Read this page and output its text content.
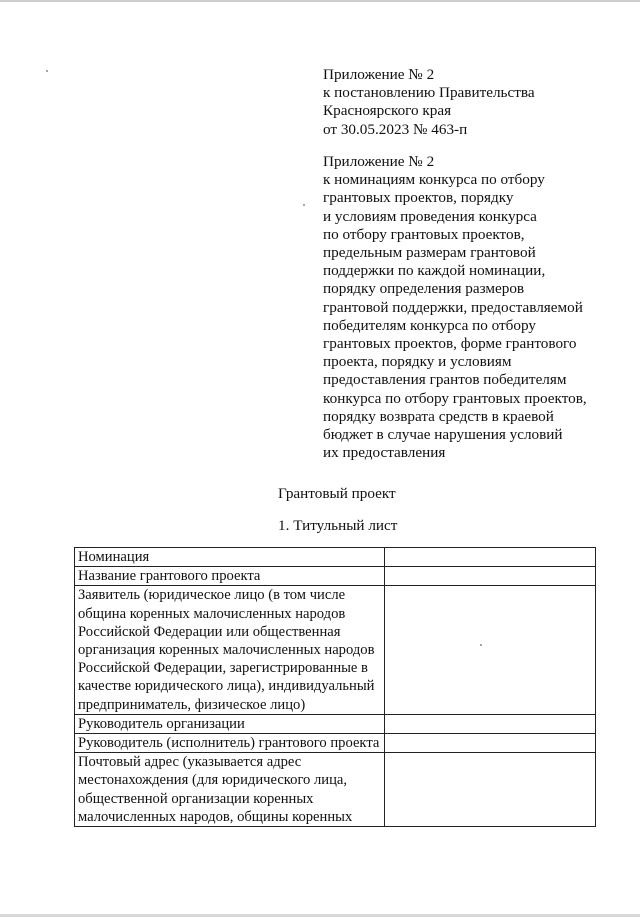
Приложение № 2
к постановлению Правительства
Красноярского края
от 30.05.2023 № 463-п
Приложение № 2
к номинациям конкурса по отбору
грантовых проектов, порядку
и условиям проведения конкурса
по отбору грантовых проектов,
предельным размерам грантовой
поддержки по каждой номинации,
порядку определения размеров
грантовой поддержки, предоставляемой
победителям конкурса по отбору
грантовых проектов, форме грантового
проекта, порядку и условиям
предоставления грантов победителям
конкурса по отбору грантовых проектов,
порядку возврата средств в краевой
бюджет в случае нарушения условий
их предоставления
Грантовый проект
1. Титульный лист
Номинация	
Название грантового проекта	
Заявитель (юридическое лицо (в том числе община коренных малочисленных народов Российской Федерации или общественная организация коренных малочисленных народов Российской Федерации, зарегистрированные в качестве юридического лица), индивидуальный предприниматель, физическое лицо)	
Руководитель организации	
Руководитель (исполнитель) грантового проекта	
Почтовый адрес (указывается адрес местонахождения (для юридического лица, общественной организации коренных малочисленных народов, общины коренных	
